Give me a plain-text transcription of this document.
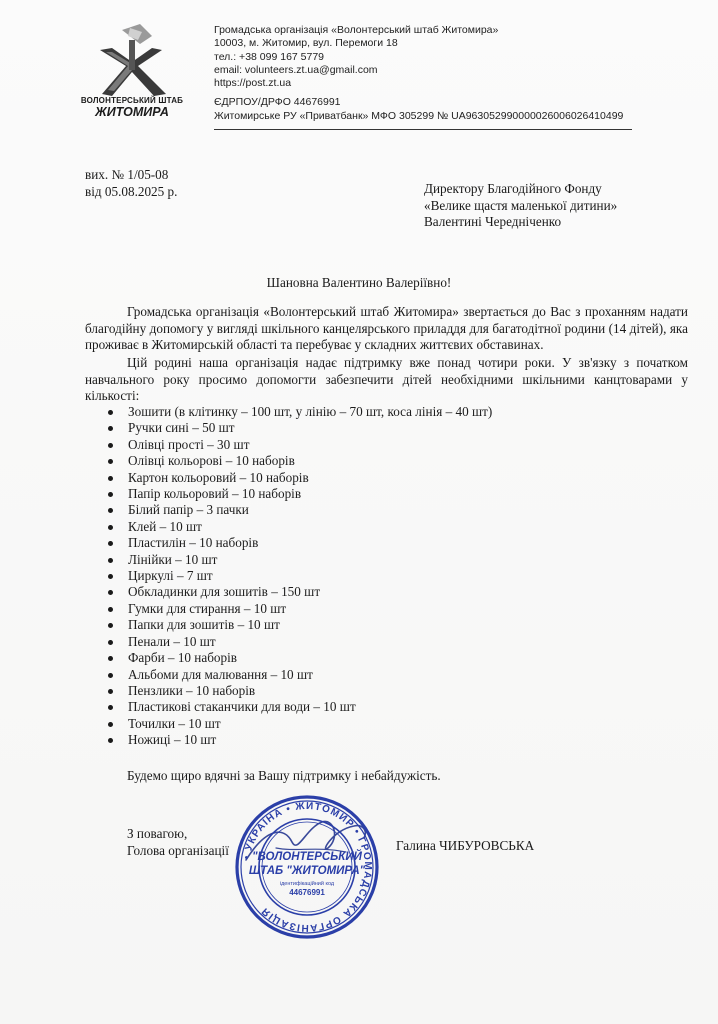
ВОЛОНТЕРСЬКИЙ ШТАБ
ЖИТОМИРА
Громадська організація «Волонтерський штаб Житомира»
10003, м. Житомир, вул. Перемоги 18
тел.: +38 099 167 5779
email: volunteers.zt.ua@gmail.com
https://post.zt.ua
ЄДРПОУ/ДРФО 44676991
Житомирське РУ «Приватбанк» МФО 305299 № UA963052990000026006026410499
вих. № 1/05-08
від 05.08.2025 р.	Директору Благодійного Фонду
«Велике щастя маленької дитини»
Валентині Чередніченко
Шановна Валентино Валеріївно!
Громадська організація «Волонтерський штаб Житомира» звертається до Вас з проханням надати благодійну допомогу у вигляді шкільного канцелярського приладдя для багатодітної родини (14 дітей), яка проживає в Житомирській області та перебуває у складних життєвих обставинах.
Цій родині наша організація надає підтримку вже понад чотири роки. У зв'язку з початком навчального року просимо допомогти забезпечити дітей необхідними шкільними канцтоварами у кількості:
Зошити (в клітинку – 100 шт, у лінію – 70 шт, коса лінія – 40 шт)
Ручки сині – 50 шт
Олівці прості – 30 шт
Олівці кольорові – 10 наборів
Картон кольоровий – 10 наборів
Папір кольоровий – 10 наборів
Білий папір – 3 пачки
Клей – 10 шт
Пластилін – 10 наборів
Лінійки – 10 шт
Циркулі – 7 шт
Обкладинки для зошитів – 150 шт
Гумки для стирання – 10 шт
Папки для зошитів – 10 шт
Пенали – 10 шт
Фарби – 10 наборів
Альбоми для малювання – 10 шт
Пензлики – 10 наборів
Пластикові стаканчики для води – 10 шт
Точилки – 10 шт
Ножиці – 10 шт
Будемо щиро вдячні за Вашу підтримку і небайдужість.
З повагою,
Голова організації	Галина ЧИБУРОВСЬКА
• УКРАЇНА • ЖИТОМИР • ГРОМАДСЬКА ОРГАНІЗАЦІЯ
"ВОЛОНТЕРСЬКИЙ
ШТАБ "ЖИТОМИРА"
ідентифікаційний код
44676991
